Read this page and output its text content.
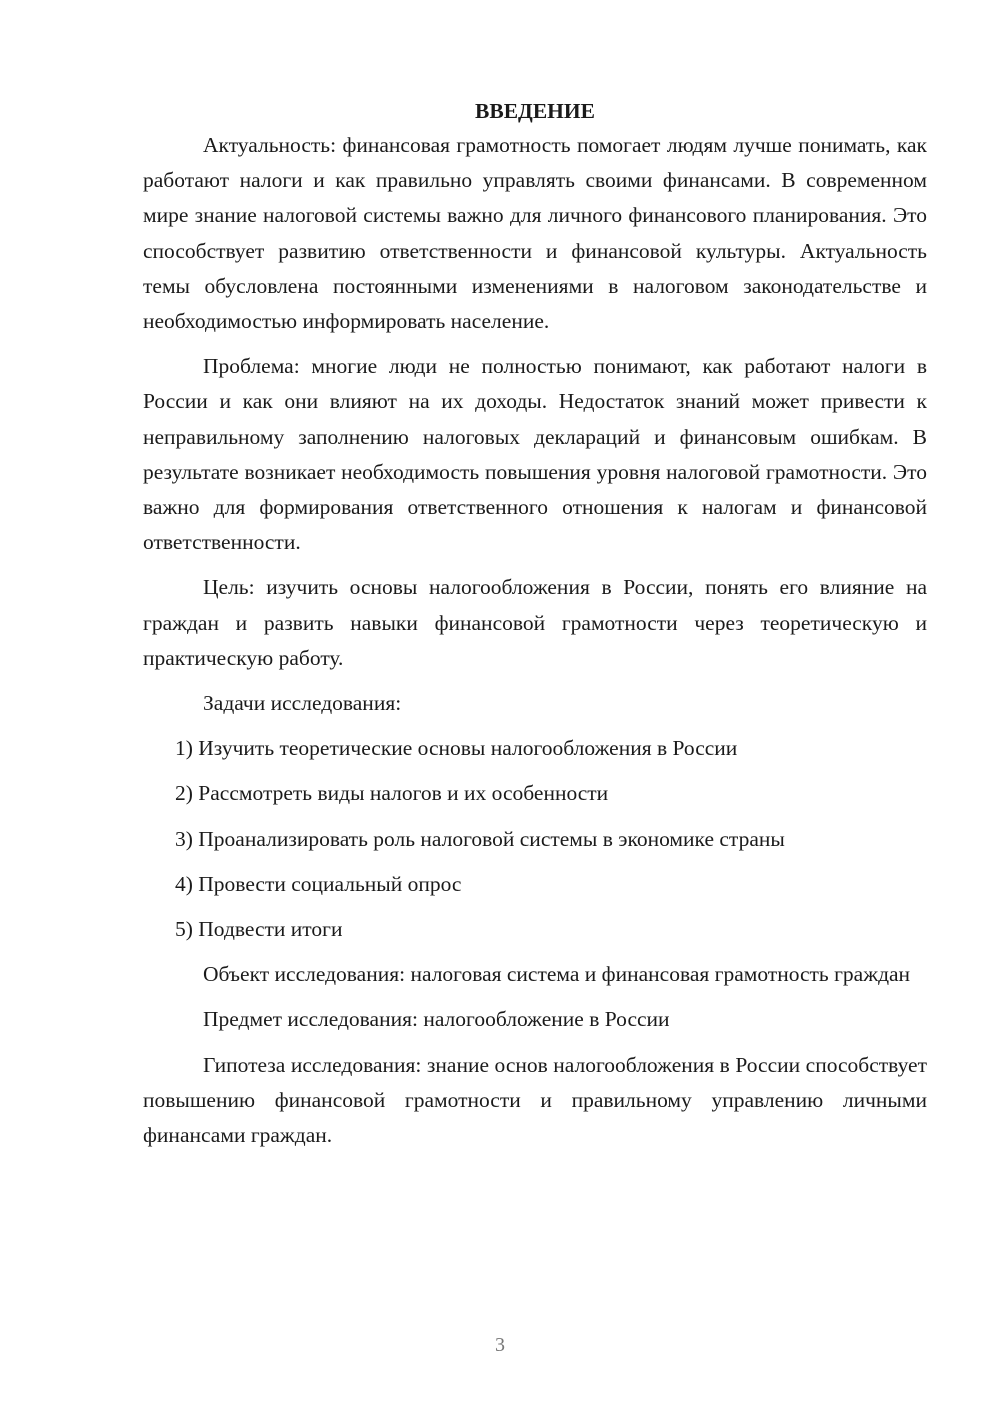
ВВЕДЕНИЕ

Актуальность: финансовая грамотность помогает людям лучше понимать, как работают налоги и как правильно управлять своими финансами. В современном мире знание налоговой системы важно для личного финансового планирования. Это способствует развитию ответственности и финансовой культуры. Актуальность темы обусловлена постоянными изменениями в налоговом законодательстве и необходимостью информировать население.

Проблема: многие люди не полностью понимают, как работают налоги в России и как они влияют на их доходы. Недостаток знаний может привести к неправильному заполнению налоговых деклараций и финансовым ошибкам. В результате возникает необходимость повышения уровня налоговой грамотности. Это важно для формирования ответственного отношения к налогам и финансовой ответственности.

Цель: изучить основы налогообложения в России, понять его влияние на граждан и развить навыки финансовой грамотности через теоретическую и практическую работу.

Задачи исследования:

1) Изучить теоретические основы налогообложения в России
2) Рассмотреть виды налогов и их особенности
3) Проанализировать роль налоговой системы в экономике страны
4) Провести социальный опрос
5) Подвести итоги

Объект исследования: налоговая система и финансовая грамотность граждан

Предмет исследования: налогообложение в России

Гипотеза исследования: знание основ налогообложения в России способствует повышению финансовой грамотности и правильному управлению личными финансами граждан.

3
